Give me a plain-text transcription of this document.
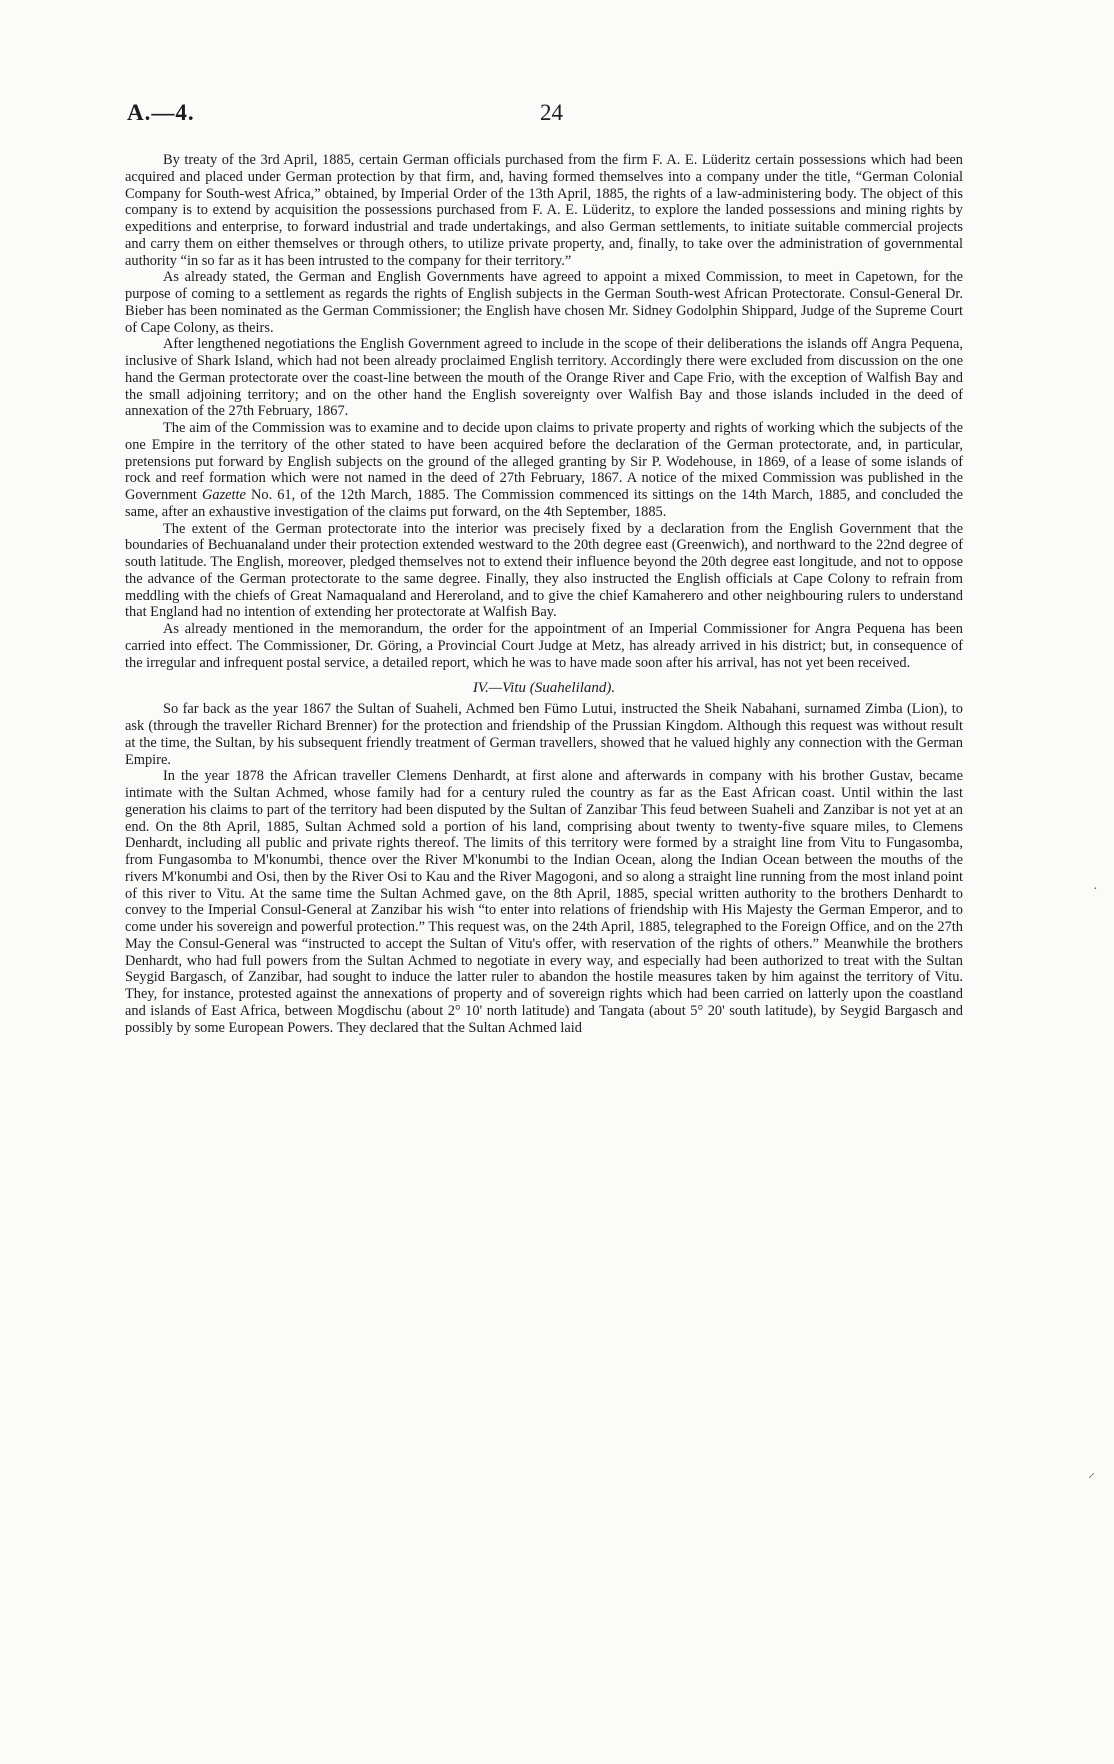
A.—4.	24

By treaty of the 3rd April, 1885, certain German officials purchased from the firm F. A. E. Lüderitz certain possessions which had been acquired and placed under German protection by that firm, and, having formed themselves into a company under the title, “German Colonial Company for South-west Africa,” obtained, by Imperial Order of the 13th April, 1885, the rights of a law-administering body. The object of this company is to extend by acquisition the possessions purchased from F. A. E. Lüderitz, to explore the landed possessions and mining rights by expeditions and enterprise, to forward industrial and trade undertakings, and also German settlements, to initiate suitable commercial projects and carry them on either themselves or through others, to utilize private property, and, finally, to take over the administration of governmental authority “in so far as it has been intrusted to the company for their territory.”

As already stated, the German and English Governments have agreed to appoint a mixed Commission, to meet in Capetown, for the purpose of coming to a settlement as regards the rights of English subjects in the German South-west African Protectorate. Consul-General Dr. Bieber has been nominated as the German Commissioner; the English have chosen Mr. Sidney Godolphin Shippard, Judge of the Supreme Court of Cape Colony, as theirs.

After lengthened negotiations the English Government agreed to include in the scope of their deliberations the islands off Angra Pequena, inclusive of Shark Island, which had not been already proclaimed English territory. Accordingly there were excluded from discussion on the one hand the German protectorate over the coast-line between the mouth of the Orange River and Cape Frio, with the exception of Walfish Bay and the small adjoining territory; and on the other hand the English sovereignty over Walfish Bay and those islands included in the deed of annexation of the 27th February, 1867.

The aim of the Commission was to examine and to decide upon claims to private property and rights of working which the subjects of the one Empire in the territory of the other stated to have been acquired before the declaration of the German protectorate, and, in particular, pretensions put forward by English subjects on the ground of the alleged granting by Sir P. Wodehouse, in 1869, of a lease of some islands of rock and reef formation which were not named in the deed of 27th February, 1867. A notice of the mixed Commission was published in the Government Gazette No. 61, of the 12th March, 1885. The Commission commenced its sittings on the 14th March, 1885, and concluded the same, after an exhaustive investigation of the claims put forward, on the 4th September, 1885.

The extent of the German protectorate into the interior was precisely fixed by a declaration from the English Government that the boundaries of Bechuanaland under their protection extended westward to the 20th degree east (Greenwich), and northward to the 22nd degree of south latitude. The English, moreover, pledged themselves not to extend their influence beyond the 20th degree east longitude, and not to oppose the advance of the German protectorate to the same degree. Finally, they also instructed the English officials at Cape Colony to refrain from meddling with the chiefs of Great Namaqualand and Hereroland, and to give the chief Kamaherero and other neighbouring rulers to understand that England had no intention of extending her protectorate at Walfish Bay.

As already mentioned in the memorandum, the order for the appointment of an Imperial Commissioner for Angra Pequena has been carried into effect. The Commissioner, Dr. Göring, a Provincial Court Judge at Metz, has already arrived in his district; but, in consequence of the irregular and infrequent postal service, a detailed report, which he was to have made soon after his arrival, has not yet been received.

IV.—Vitu (Suaheliland).

So far back as the year 1867 the Sultan of Suaheli, Achmed ben Fümo Lutui, instructed the Sheik Nabahani, surnamed Zimba (Lion), to ask (through the traveller Richard Brenner) for the protection and friendship of the Prussian Kingdom. Although this request was without result at the time, the Sultan, by his subsequent friendly treatment of German travellers, showed that he valued highly any connection with the German Empire.

In the year 1878 the African traveller Clemens Denhardt, at first alone and afterwards in company with his brother Gustav, became intimate with the Sultan Achmed, whose family had for a century ruled the country as far as the East African coast. Until within the last generation his claims to part of the territory had been disputed by the Sultan of Zanzibar This feud between Suaheli and Zanzibar is not yet at an end. On the 8th April, 1885, Sultan Achmed sold a portion of his land, comprising about twenty to twenty-five square miles, to Clemens Denhardt, including all public and private rights thereof. The limits of this territory were formed by a straight line from Vitu to Fungasomba, from Fungasomba to M'konumbi, thence over the River M'konumbi to the Indian Ocean, along the Indian Ocean between the mouths of the rivers M'konumbi and Osi, then by the River Osi to Kau and the River Magogoni, and so along a straight line running from the most inland point of this river to Vitu. At the same time the Sultan Achmed gave, on the 8th April, 1885, special written authority to the brothers Denhardt to convey to the Imperial Consul-General at Zanzibar his wish “to enter into relations of friendship with His Majesty the German Emperor, and to come under his sovereign and powerful protection.” This request was, on the 24th April, 1885, telegraphed to the Foreign Office, and on the 27th May the Consul-General was “instructed to accept the Sultan of Vitu's offer, with reservation of the rights of others.” Meanwhile the brothers Denhardt, who had full powers from the Sultan Achmed to negotiate in every way, and especially had been authorized to treat with the Sultan Seygid Bargasch, of Zanzibar, had sought to induce the latter ruler to abandon the hostile measures taken by him against the territory of Vitu. They, for instance, protested against the annexations of property and of sovereign rights which had been carried on latterly upon the coastland and islands of East Africa, between Mogdischu (about 2° 10' north latitude) and Tangata (about 5° 20' south latitude), by Seygid Bargasch and possibly by some European Powers. They declared that the Sultan Achmed laid

·
⸝
